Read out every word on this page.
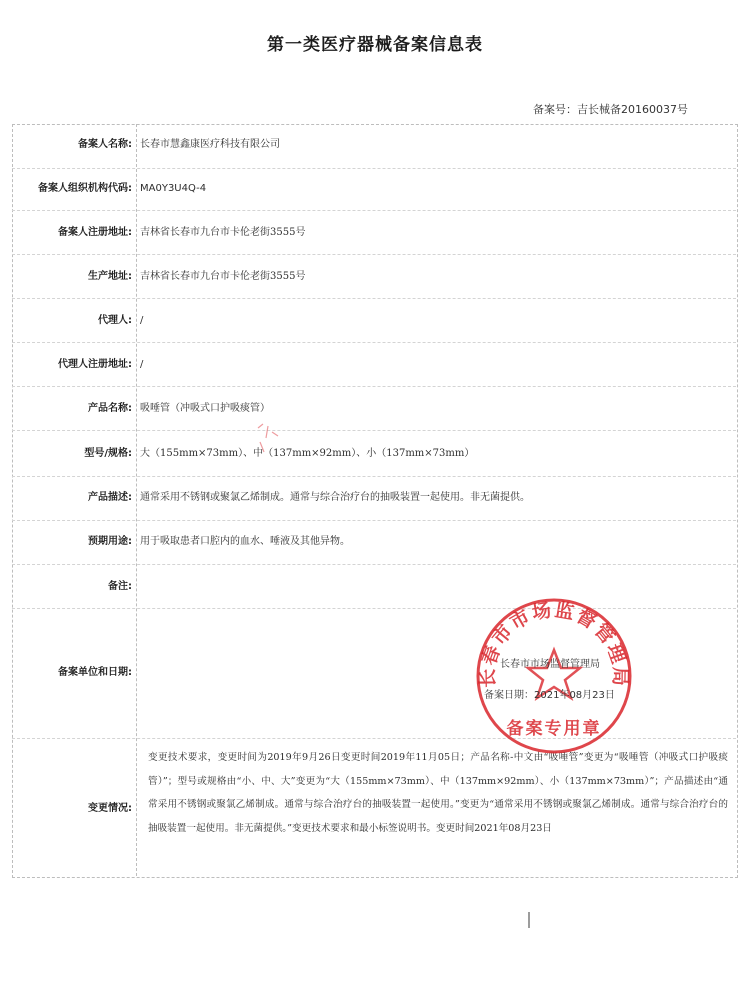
第一类医疗器械备案信息表
备案号：吉长械备20160037号
备案人名称: 长春市慧鑫康医疗科技有限公司
备案人组织机构代码: MA0Y3U4Q-4
备案人注册地址: 吉林省长春市九台市卡伦老街3555号
生产地址: 吉林省长春市九台市卡伦老街3555号
代理人: /
代理人注册地址: /
产品名称: 吸唾管（冲吸式口护吸痰管）
型号/规格: 大（155mm×73mm）、中（137mm×92mm）、小（137mm×73mm）
产品描述: 通常采用不锈钢或聚氯乙烯制成。通常与综合治疗台的抽吸装置一起使用。非无菌提供。
预期用途: 用于吸取患者口腔内的血水、唾液及其他异物。
备注:
备案单位和日期:
变更情况:
变更技术要求，变更时间为2019年9月26日变更时间2019年11月05日；产品名称-中文由“吸唾管”变更为“吸唾管（冲吸式口护吸痰管）”；型号或规格由“小、中、大”变更为“大（155mm×73mm）、中（137mm×92mm）、小（137mm×73mm）”；产品描述由“通常采用不锈钢或聚氯乙烯制成。通常与综合治疗台的抽吸装置一起使用。”变更为“通常采用不锈钢或聚氯乙烯制成。通常与综合治疗台的抽吸装置一起使用。非无菌提供。”变更技术要求和最小标签说明书。变更时间2021年08月23日
长春市市场监督管理局
备案专用章
长春市市场监督管理局
备案日期：2021年08月23日
